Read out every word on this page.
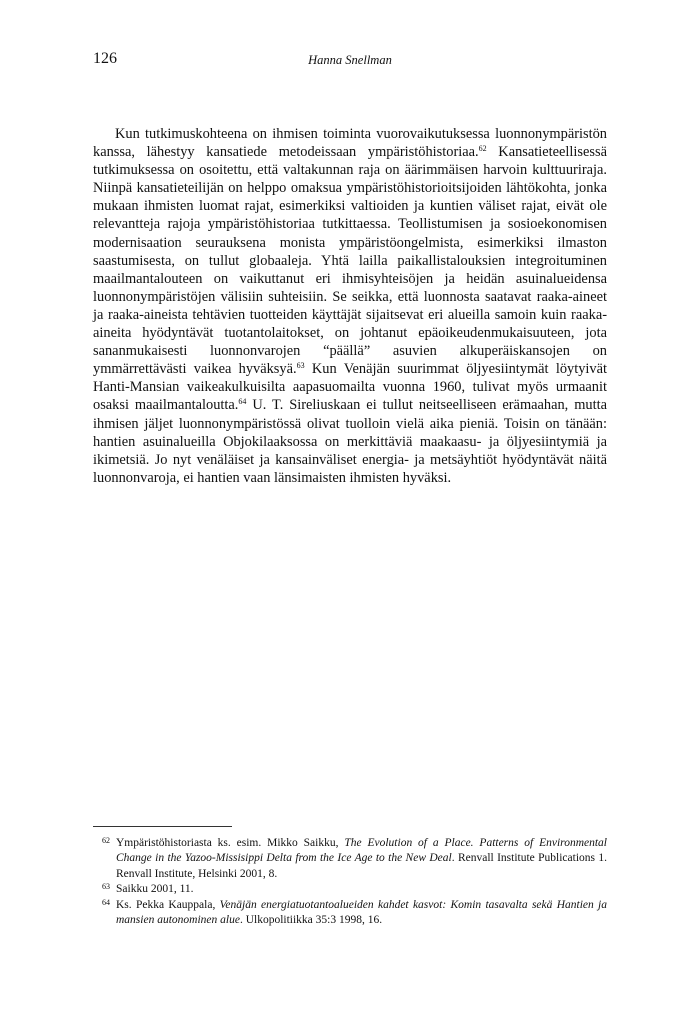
126	Hanna Snellman

Kun tutkimuskohteena on ihmisen toiminta vuorovaikutuksessa luonnonympäristön kanssa, lähestyy kansatiede metodeissaan ympäristöhistoriaa.$^{62}$ Kansatieteellisessä tutkimuksessa on osoitettu, että valtakunnan raja on äärimmäisen harvoin kulttuuriraja. Niinpä kansatieteilijän on helppo omaksua ympäristöhistorioitsijoiden lähtökohta, jonka mukaan ihmisten luomat rajat, esimerkiksi valtioiden ja kuntien väliset rajat, eivät ole relevantteja rajoja ympäristöhistoriaa tutkittaessa. Teollistumisen ja sosioekonomisen modernisaation seurauksena monista ympäristöongelmista, esimerkiksi ilmaston saastumisesta, on tullut globaaleja. Yhtä lailla paikallistalouksien integroituminen maailmantalouteen on vaikuttanut eri ihmisyhteisöjen ja heidän asuinalueidensa luonnonympäristöjen välisiin suhteisiin. Se seikka, että luonnosta saatavat raaka-aineet ja raaka-aineista tehtävien tuotteiden käyttäjät sijaitsevat eri alueilla samoin kuin raaka-aineita hyödyntävät tuotantolaitokset, on johtanut epäoikeudenmukaisuuteen, jota sananmukaisesti luonnonvarojen “päällä” asuvien alkuperäiskansojen on ymmärrettävästi vaikea hyväksyä.$^{63}$ Kun Venäjän suurimmat öljyesiintymät löytyivät Hanti-Mansian vaikeakulkuisilta aapasuomailta vuonna 1960, tulivat myös urmaanit osaksi maailmantaloutta.$^{64}$ U. T. Sireliuskaan ei tullut neitseelliseen erämaahan, mutta ihmisen jäljet luonnonympäristössä olivat tuolloin vielä aika pieniä. Toisin on tänään: hantien asuinalueilla Objokilaaksossa on merkittäviä maakaasu- ja öljyesiintymiä ja ikimetsiä. Jo nyt venäläiset ja kansainväliset energia- ja metsäyhtiöt hyödyntävät näitä luonnonvaroja, ei hantien vaan länsimaisten ihmisten hyväksi.

62 Ympäristöhistoriasta ks. esim. Mikko Saikku, The Evolution of a Place. Patterns of Environmental Change in the Yazoo-Missisippi Delta from the Ice Age to the New Deal. Renvall Institute Publications 1. Renvall Institute, Helsinki 2001, 8.

63 Saikku 2001, 11.

64 Ks. Pekka Kauppala, Venäjän energiatuotantoalueiden kahdet kasvot: Komin tasavalta sekä Hantien ja mansien autonominen alue. Ulkopolitiikka 35:3 1998, 16.
